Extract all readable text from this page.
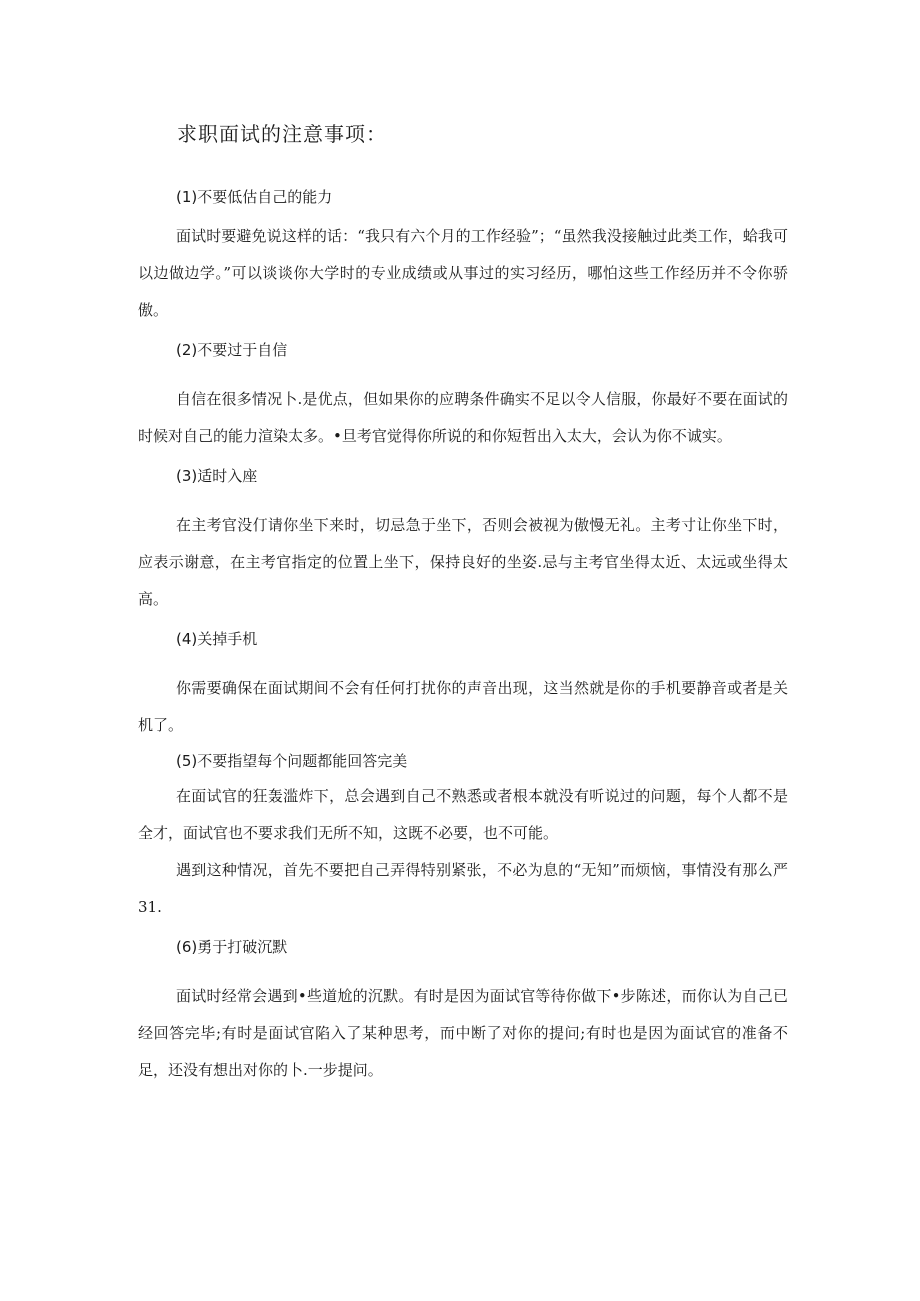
求职面试的注意事项：
(1)不要低估自己的能力

面试时要避免说这样的话：“我只有六个月的工作经验”；“虽然我没接触过此类工作，蛤我可以边做边学。”可以谈谈你大学时的专业成绩或从事过的实习经历，哪怕这些工作经历并不令你骄傲。

(2)不要过于自信

自信在很多情况卜.是优点，但如果你的应聘条件确实不足以令人信服，你最好不要在面试的时候对自己的能力渲染太多。•旦考官觉得你所说的和你短哲出入太大，会认为你不诚实。

(3)适时入座

在主考官没仃请你坐下来时，切忌急于坐下，否则会被视为傲慢无礼。主考寸让你坐下时，应表示谢意，在主考官指定的位置上坐下，保持良好的坐姿.忌与主考官坐得太近、太远或坐得太高。

(4)关掉手机

你需要确保在面试期间不会有任何打扰你的声音出现，这当然就是你的手机要静音或者是关机了。

(5)不要指望每个问题都能回答完美

在面试官的狂轰滥炸下，总会遇到自己不熟悉或者根本就没有听说过的问题，每个人都不是全才，面试官也不要求我们无所不知，这既不必要，也不可能。

遇到这种情况，首先不要把自己弄得特别紧张，不必为息的“无知”而烦恼，事情没有那么严31.

(6)勇于打破沉默

面试时经常会遇到•些道尬的沉默。有时是因为面试官等待你做下•步陈述，而你认为自己已经回答完毕;有时是面试官陷入了某种思考，而中断了对你的提问;有时也是因为面试官的准备不足，还没有想出对你的卜.一步提问。
